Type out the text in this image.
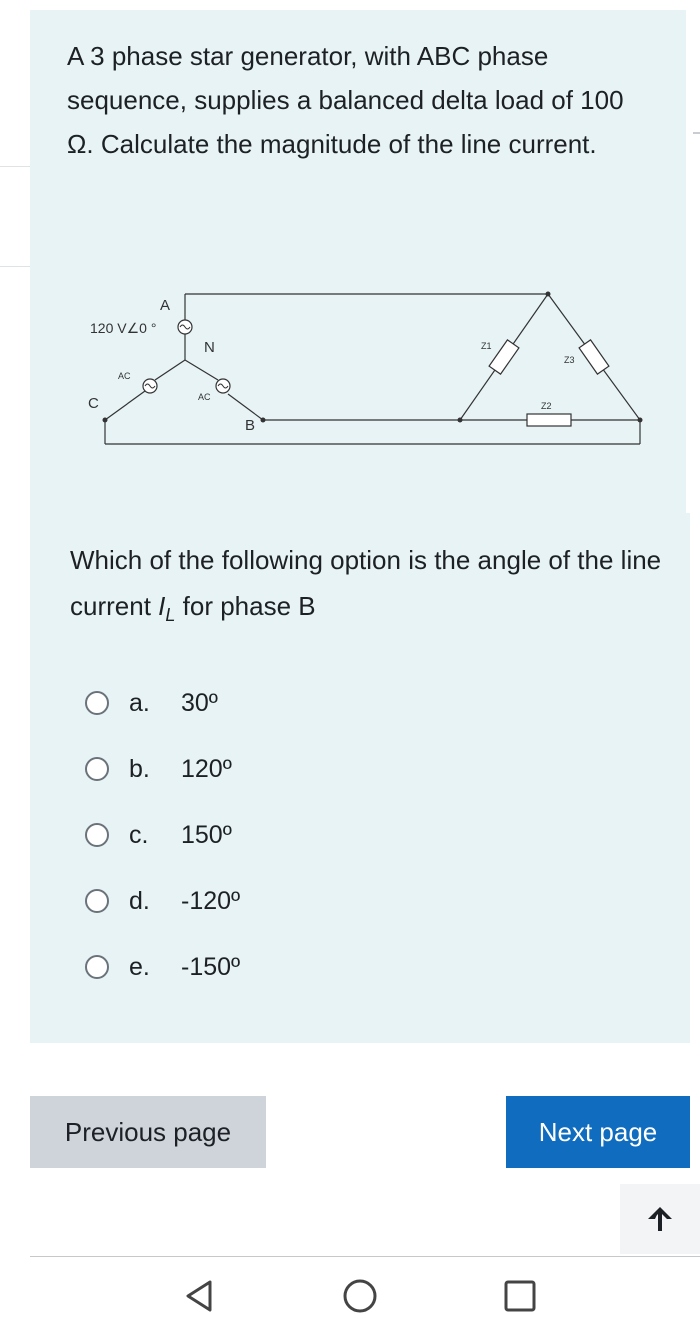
A 3 phase star generator, with ABC phase sequence, supplies a balanced delta load of 100 Ω. Calculate the magnitude of the line current.

A
120 V∠0 °
N
AC
AC
C
B
Z1
Z3
Z2

Which of the following option is the angle of the line current $I_L$ for phase B

a.	30º
b.	120º
c.	150º
d.	-120º
e.	-150º
Previous page	Next page
